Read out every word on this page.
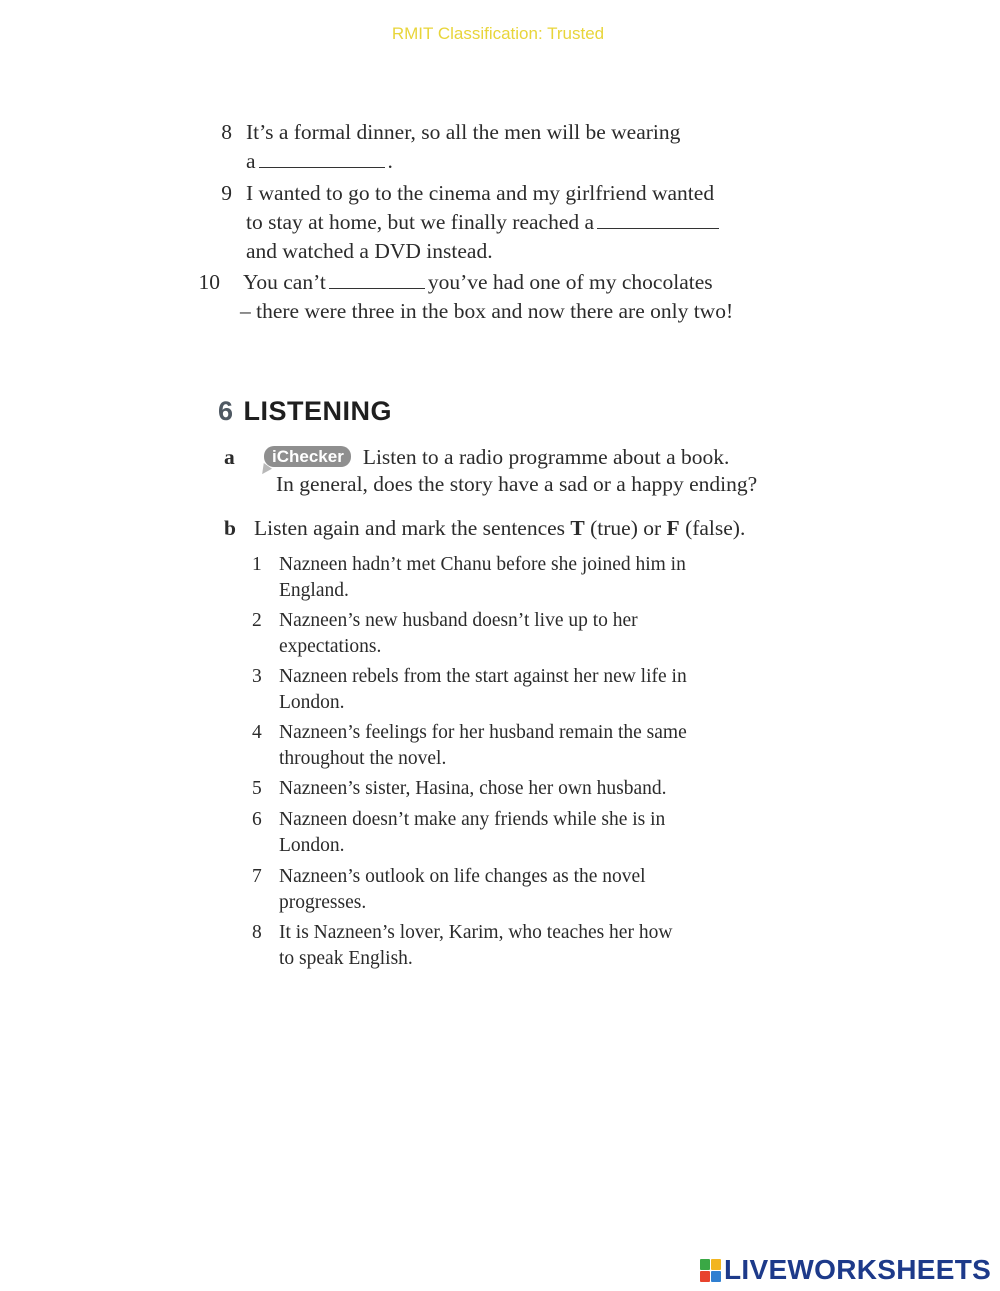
RMIT Classification: Trusted
8 It’s a formal dinner, so all the men will be wearing
a	.
9 I wanted to go to the cinema and my girlfriend wanted
to stay at home, but we finally reached a
and watched a DVD instead.
10 You can’t	you’ve had one of my chocolates
– there were three in the box and now there are only two!
6 LISTENING
a	iChecker Listen to a radio programme about a book.
In general, does the story have a sad or a happy ending?
b Listen again and mark the sentences T (true) or F (false).
1 Nazneen hadn’t met Chanu before she joined him in
England.
2 Nazneen’s new husband doesn’t live up to her
expectations.
3 Nazneen rebels from the start against her new life in
London.
4 Nazneen’s feelings for her husband remain the same
throughout the novel.
5 Nazneen’s sister, Hasina, chose her own husband.
6 Nazneen doesn’t make any friends while she is in
London.
7 Nazneen’s outlook on life changes as the novel
progresses.
8 It is Nazneen’s lover, Karim, who teaches her how
to speak English.
LIVEWORKSHEETS
